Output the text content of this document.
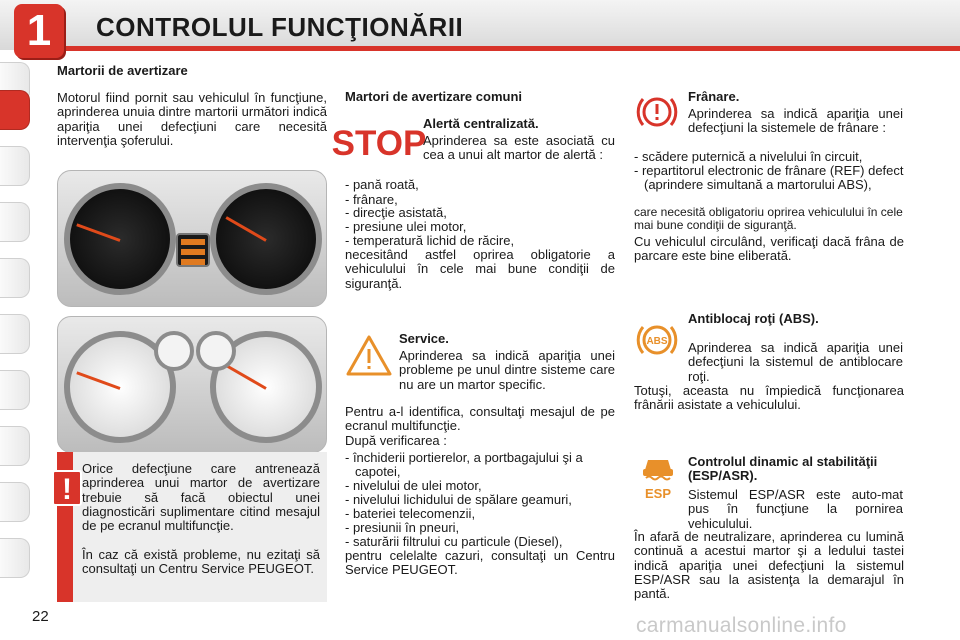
1	CONTROLUL FUNCŢIONĂRII
Martorii de avertizare
Motorul fiind pornit sau vehiculul în funcţiune, aprinderea unuia dintre martorii următori indică apariţia unei defecţiuni care necesită intervenţia şoferului.
!
Orice defecţiune care antrenează aprinderea unui martor de avertizare trebuie să facă obiectul unei diagnosticări suplimentare citind mesajul de pe ecranul multifuncţie.
În caz că există probleme, nu ezitaţi să consultaţi un Centru Service PEUGEOT.
Martori de avertizare comuni
STOP
Alertă centralizată.
Aprinderea sa este asociată cu cea a unui alt martor de alertă :
- pană roată,
- frânare,
- direcţie asistată,
- presiune ulei motor,
- temperatură lichid de răcire,
necesitând astfel oprirea obligatorie a vehiculului în cele mai bune condiţii de siguranţă.
Service.
Aprinderea sa indică apariţia unei probleme pe unul dintre sisteme care nu are un martor specific.
Pentru a-l identifica, consultaţi mesajul de pe ecranul multifuncţie.
După verificarea :
- închiderii portierelor, a portbagajului şi a capotei,
- nivelului de ulei motor,
- nivelului lichidului de spălare geamuri,
- bateriei telecomenzii,
- presiunii în pneuri,
- saturării filtrului cu particule (Diesel),
pentru celelalte cazuri, consultaţi un Centru Service PEUGEOT.
Frânare.
Aprinderea sa indică apariţia unei defecţiuni la sistemele de frânare :
- scădere puternică a nivelului în circuit,
- repartitorul electronic de frânare (REF) defect (aprindere simultană a martorului ABS),
care necesită obligatoriu oprirea vehiculului în cele mai bune condiţii de siguranţă.
Cu vehiculul circulând, verificaţi dacă frâna de parcare este bine eliberată.
ABS
Antiblocaj roţi (ABS).
Aprinderea sa indică apariţia unei defecţiuni la sistemul de antiblocare roţi.
Totuşi, aceasta nu împiedică funcţionarea frânării asistate a vehiculului.
ESP
Controlul dinamic al stabilităţii (ESP/ASR).
Sistemul ESP/ASR este auto-mat pus în funcţiune la pornirea vehiculului.
În afară de neutralizare, aprinderea cu lumină continuă a acestui martor şi a ledului tastei indică apariţia unei defecţiuni la sistemul ESP/ASR sau la asistenţa la demarajul în pantă.
22	carmanualsonline.info
